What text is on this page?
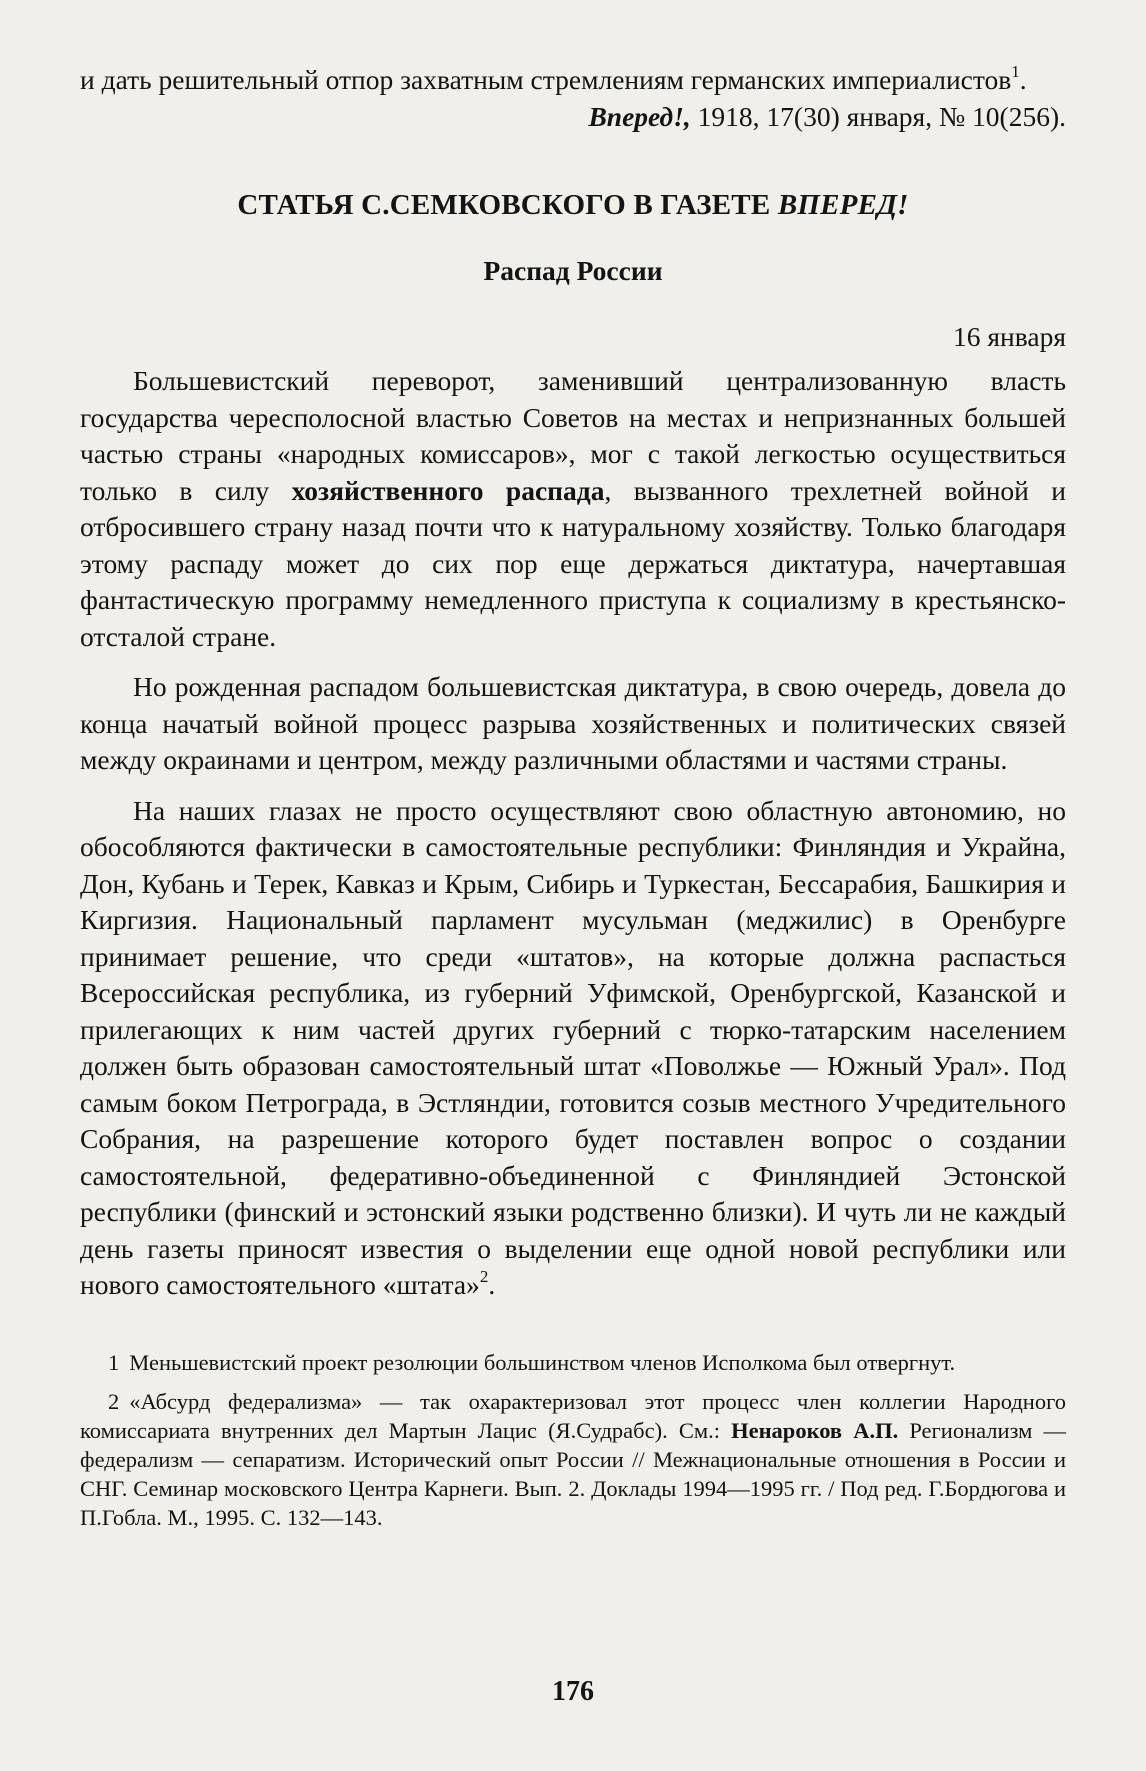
и дать решительный отпор захватным стремлениям германских империалистов$^1$.

Вперед!, 1918, 17(30) января, № 10(256).

СТАТЬЯ С.СЕМКОВСКОГО В ГАЗЕТЕ ВПЕРЕД!
Распад России
16 января

Большевистский переворот, заменивший централизованную власть государства чересполосной властью Советов на местах и непризнанных большей частью страны «народных комиссаров», мог с такой легкостью осуществиться только в силу хозяйственного распада, вызванного трехлетней войной и отбросившего страну назад почти что к натуральному хозяйству. Только благодаря этому распаду может до сих пор еще держаться диктатура, начертавшая фантастическую программу немедленного приступа к социализму в крестьянско-отсталой стране.

Но рожденная распадом большевистская диктатура, в свою очередь, довела до конца начатый войной процесс разрыва хозяйственных и политических связей между окраинами и центром, между различными областями и частями страны.

На наших глазах не просто осуществляют свою областную автономию, но обособляются фактически в самостоятельные республики: Финляндия и Украйна, Дон, Кубань и Терек, Кавказ и Крым, Сибирь и Туркестан, Бессарабия, Башкирия и Киргизия. Национальный парламент мусульман (меджилис) в Оренбурге принимает решение, что среди «штатов», на которые должна распасться Всероссийская республика, из губерний Уфимской, Оренбургской, Казанской и прилегающих к ним частей других губерний с тюрко-татарским населением должен быть образован самостоятельный штат «Поволжье — Южный Урал». Под самым боком Петрограда, в Эстляндии, готовится созыв местного Учредительного Собрания, на разрешение которого будет поставлен вопрос о создании самостоятельной, федеративно-объединенной с Финляндией Эстонской республики (финский и эстонский языки родственно близки). И чуть ли не каждый день газеты приносят известия о выделении еще одной новой республики или нового самостоятельного «штата»$^2$.

1 Меньшевистский проект резолюции большинством членов Исполкома был отвергнут.

2 «Абсурд федерализма» — так охарактеризовал этот процесс член коллегии Народного комиссариата внутренних дел Мартын Лацис (Я.Судрабс). См.: Ненароков А.П. Регионализм — федерализм — сепаратизм. Исторический опыт России // Межнациональные отношения в России и СНГ. Семинар московского Центра Карнеги. Вып. 2. Доклады 1994—1995 гг. / Под ред. Г.Бордюгова и П.Гобла. М., 1995. С. 132—143.

176
